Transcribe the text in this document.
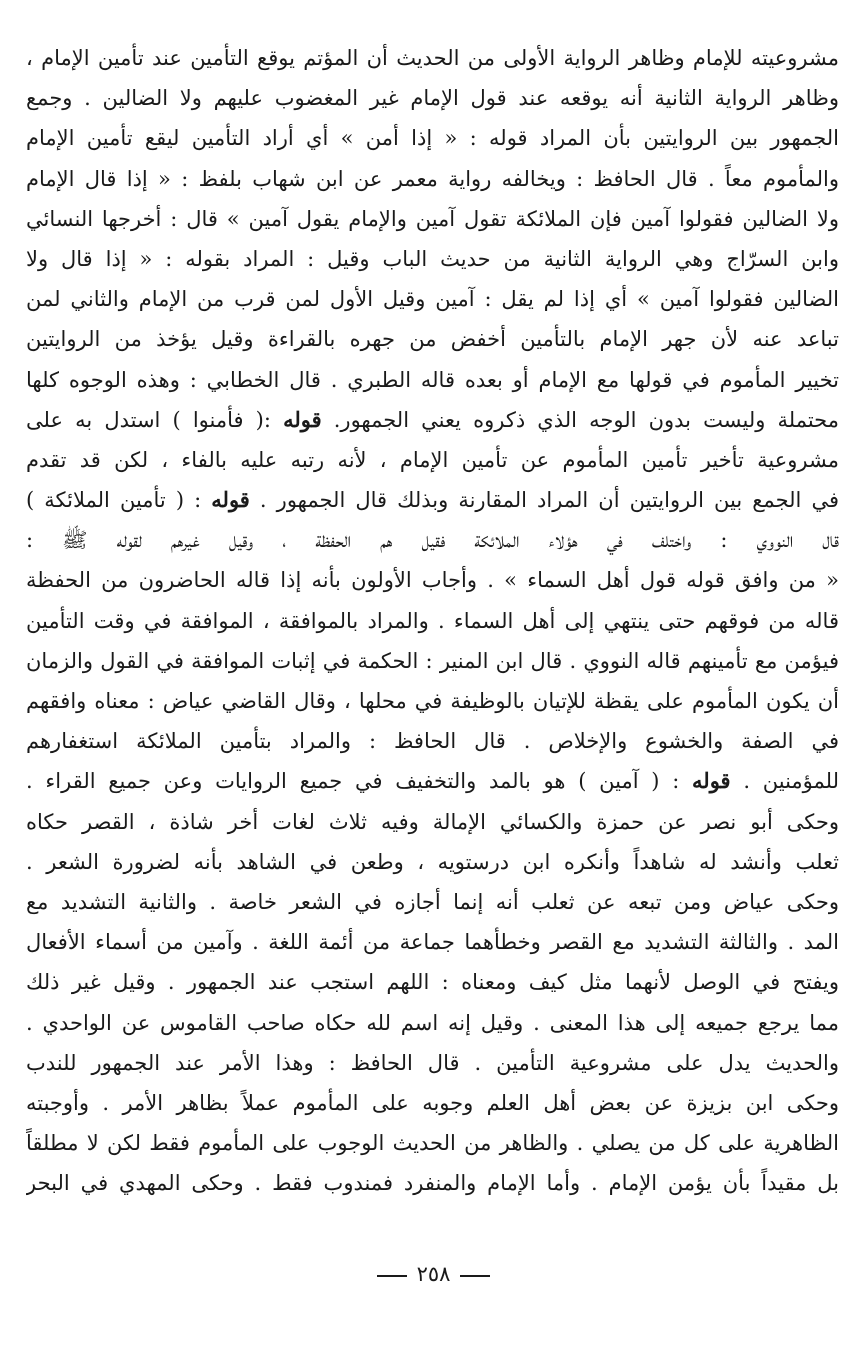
مشروعيته للإمام وظاهر الرواية الأولى من الحديث أن المؤتم يوقع التأمين عند تأمين الإمام ،
وظاهر الرواية الثانية أنه يوقعه عند قول الإمام غير المغضوب عليهم ولا الضالين . وجمع
الجمهور بين الروايتين بأن المراد قوله : « إذا أمن » أي أراد التأمين ليقع تأمين الإمام
والمأموم معاً . قال الحافظ : ويخالفه رواية معمر عن ابن شهاب بلفظ : « إذا قال الإمام
ولا الضالين فقولوا آمين فإن الملائكة تقول آمين والإمام يقول آمين » قال : أخرجها النسائي
وابن السرّاج وهي الرواية الثانية من حديث الباب وقيل : المراد بقوله : « إذا قال ولا
الضالين فقولوا آمين » أي إذا لم يقل : آمين وقيل الأول لمن قرب من الإمام والثاني لمن
تباعد عنه لأن جهر الإمام بالتأمين أخفض من جهره بالقراءة وقيل يؤخذ من الروايتين
تخيير المأموم في قولها مع الإمام أو بعده قاله الطبري . قال الخطابي : وهذه الوجوه كلها
محتملة وليست بدون الوجه الذي ذكروه يعني الجمهور. قوله :( فأمنوا ) استدل به على
مشروعية تأخير تأمين المأموم عن تأمين الإمام ، لأنه رتبه عليه بالفاء ، لكن قد تقدم
في الجمع بين الروايتين أن المراد المقارنة وبذلك قال الجمهور . قوله : ( تأمين الملائكة )
قال النووي : واختلف في هؤلاء الملائكة فقيل هم الحفظة ، وقيل غيرهم لقوله ﷺ :
« من وافق قوله قول أهل السماء » . وأجاب الأولون بأنه إذا قاله الحاضرون من الحفظة
قاله من فوقهم حتى ينتهي إلى أهل السماء . والمراد بالموافقة ، الموافقة في وقت التأمين
فيؤمن مع تأمينهم قاله النووي . قال ابن المنير : الحكمة في إثبات الموافقة في القول والزمان
أن يكون المأموم على يقظة للإتيان بالوظيفة في محلها ، وقال القاضي عياض : معناه وافقهم
في الصفة والخشوع والإخلاص . قال الحافظ : والمراد بتأمين الملائكة استغفارهم
للمؤمنين . قوله : ( آمين ) هو بالمد والتخفيف في جميع الروايات وعن جميع القراء .
وحكى أبو نصر عن حمزة والكسائي الإمالة وفيه ثلاث لغات أخر شاذة ، القصر حكاه
ثعلب وأنشد له شاهداً وأنكره ابن درستويه ، وطعن في الشاهد بأنه لضرورة الشعر .
وحكى عياض ومن تبعه عن ثعلب أنه إنما أجازه في الشعر خاصة . والثانية التشديد مع
المد . والثالثة التشديد مع القصر وخطأهما جماعة من أئمة اللغة . وآمين من أسماء الأفعال
ويفتح في الوصل لأنهما مثل كيف ومعناه : اللهم استجب عند الجمهور . وقيل غير ذلك
مما يرجع جميعه إلى هذا المعنى . وقيل إنه اسم لله حكاه صاحب القاموس عن الواحدي .
والحديث يدل على مشروعية التأمين . قال الحافظ : وهذا الأمر عند الجمهور للندب
وحكى ابن بزيزة عن بعض أهل العلم وجوبه على المأموم عملاً بظاهر الأمر . وأوجبته
الظاهرية على كل من يصلي . والظاهر من الحديث الوجوب على المأموم فقط لكن لا مطلقاً
بل مقيداً بأن يؤمن الإمام . وأما الإمام والمنفرد فمندوب فقط . وحكى المهدي في البحر
٢٥٨
